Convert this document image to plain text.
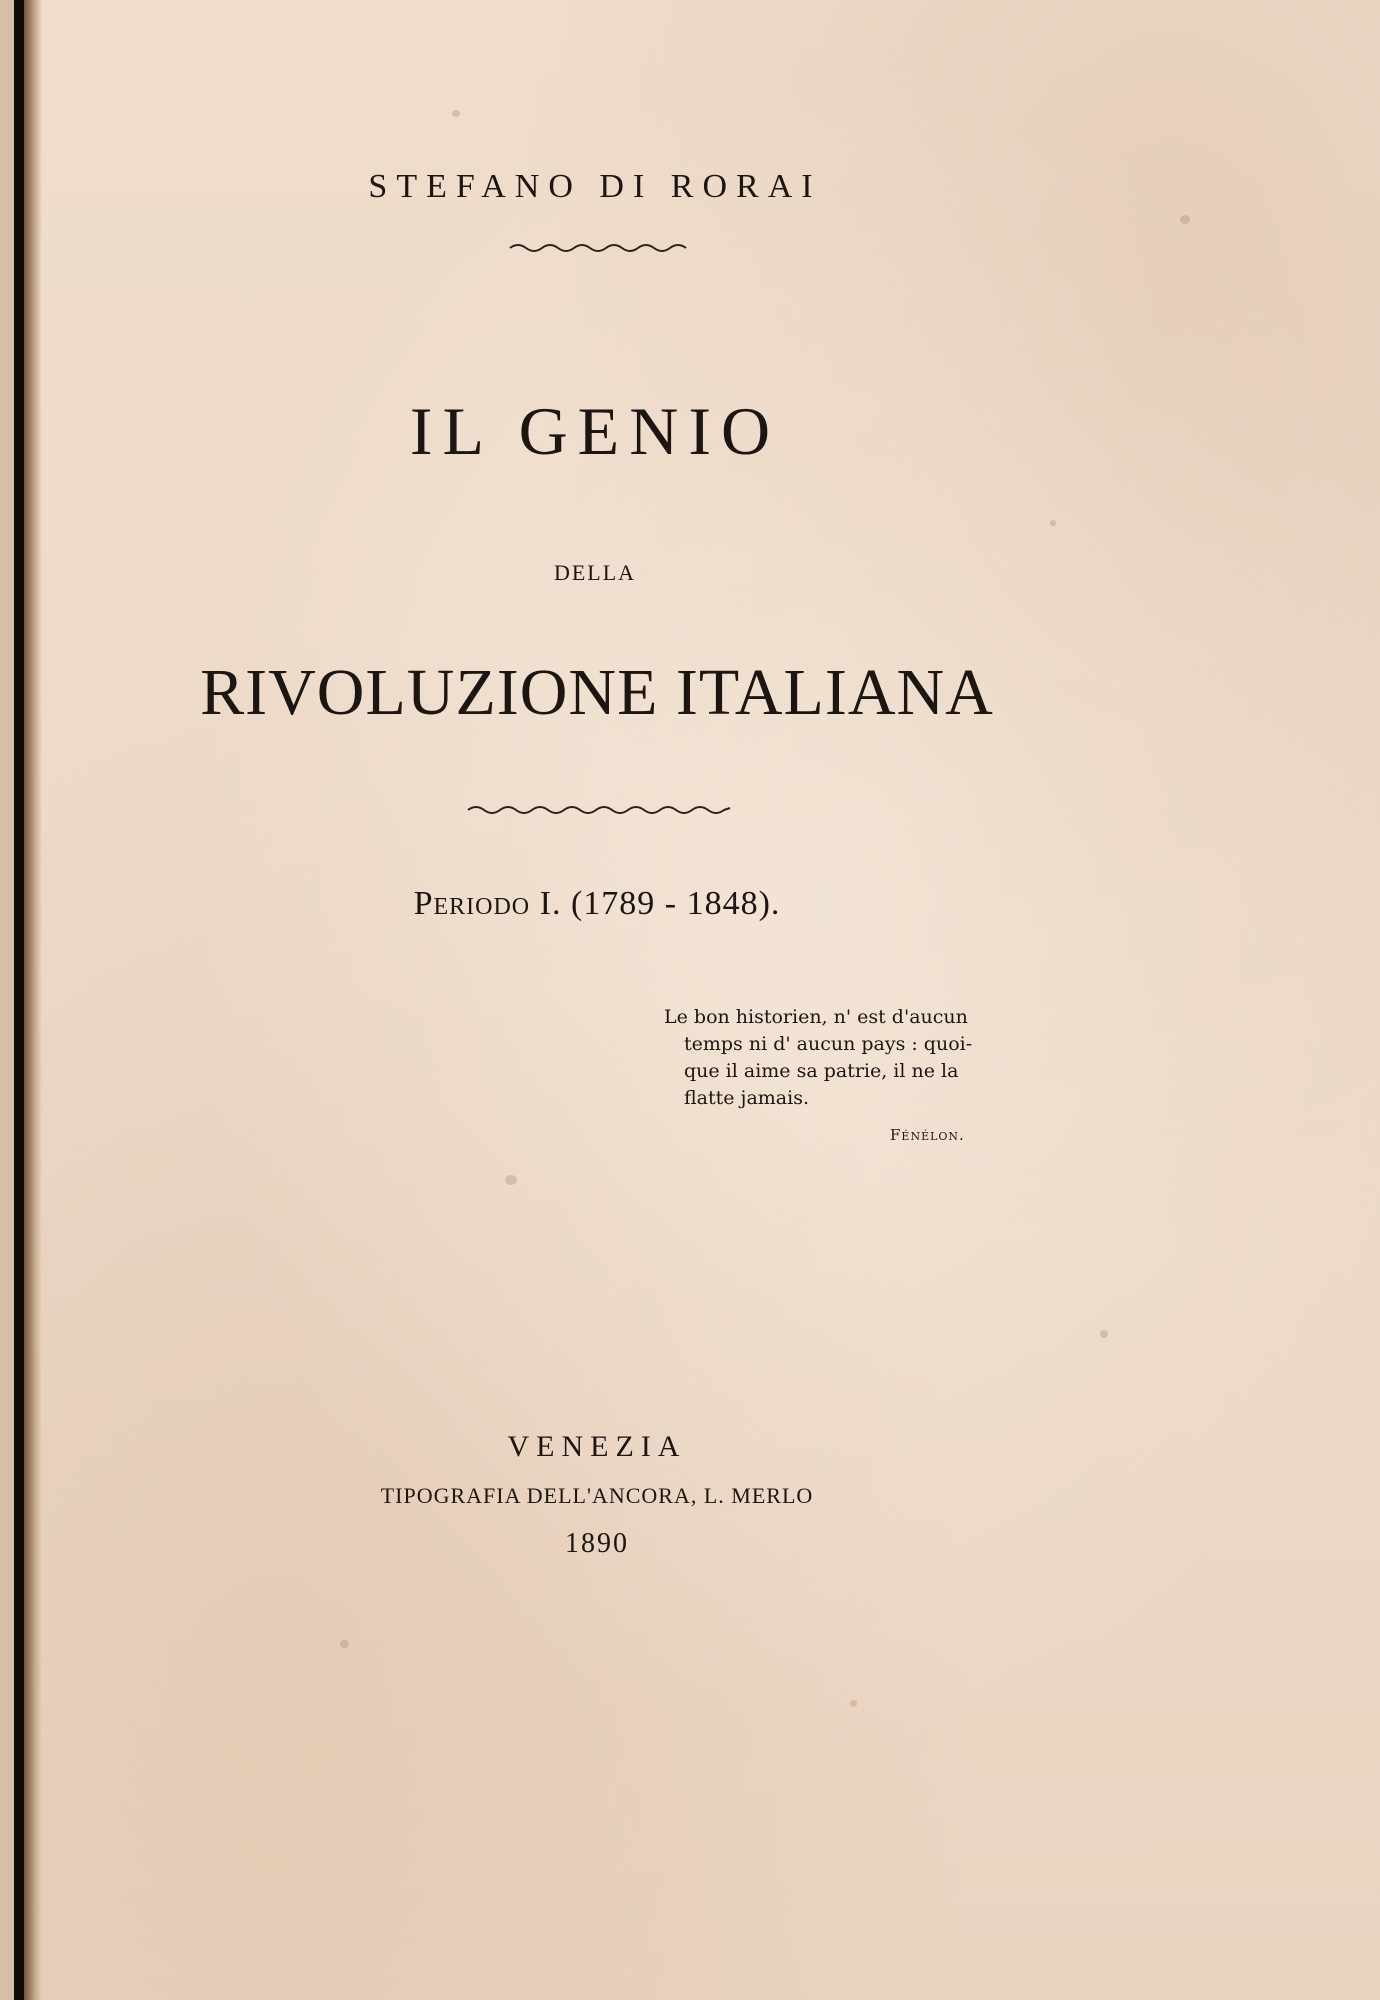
STEFANO DI RORAI
IL GENIO
DELLA
RIVOLUZIONE ITALIANA
Periodo I. (1789 - 1848).
Le bon historien, n' est d'aucun
temps ni d' aucun pays : quoi-
que il aime sa patrie, il ne la
flatte jamais.
Fénélon.
VENEZIA
TIPOGRAFIA DELL'ANCORA, L. MERLO
1890
